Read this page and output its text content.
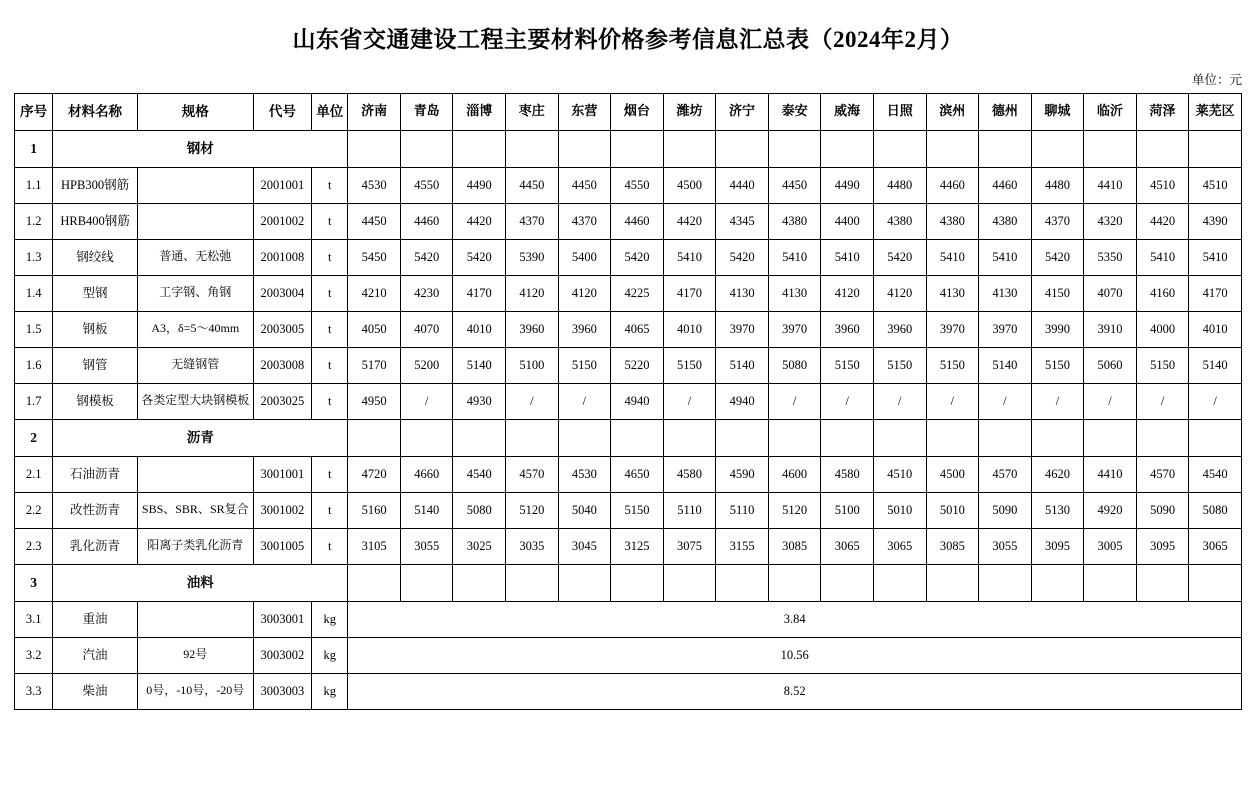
山东省交通建设工程主要材料价格参考信息汇总表（2024年2月）
单位：元
序号	材料名称	规格	代号	单位	济南	青岛	淄博	枣庄	东营	烟台	潍坊	济宁	泰安	威海	日照	滨州	德州	聊城	临沂	菏泽	莱芜区
1	钢材																				
1.1	HPB300钢筋		2001001	t	4530	4550	4490	4450	4450	4550	4500	4440	4450	4490	4480	4460	4460	4480	4410	4510	4510
1.2	HRB400钢筋		2001002	t	4450	4460	4420	4370	4370	4460	4420	4345	4380	4400	4380	4380	4380	4370	4320	4420	4390
1.3	钢绞线	普通、无松弛	2001008	t	5450	5420	5420	5390	5400	5420	5410	5420	5410	5410	5420	5410	5410	5420	5350	5410	5410
1.4	型钢	工字钢、角钢	2003004	t	4210	4230	4170	4120	4120	4225	4170	4130	4130	4120	4120	4130	4130	4150	4070	4160	4170
1.5	钢板	A3，δ=5～40mm	2003005	t	4050	4070	4010	3960	3960	4065	4010	3970	3970	3960	3960	3970	3970	3990	3910	4000	4010
1.6	钢管	无缝钢管	2003008	t	5170	5200	5140	5100	5150	5220	5150	5140	5080	5150	5150	5150	5140	5150	5060	5150	5140
1.7	钢模板	各类定型大块钢模板	2003025	t	4950	/	4930	/	/	4940	/	4940	/	/	/	/	/	/	/	/	/
2	沥青																				
2.1	石油沥青		3001001	t	4720	4660	4540	4570	4530	4650	4580	4590	4600	4580	4510	4500	4570	4620	4410	4570	4540
2.2	改性沥青	SBS、SBR、SR复合	3001002	t	5160	5140	5080	5120	5040	5150	5110	5110	5120	5100	5010	5010	5090	5130	4920	5090	5080
2.3	乳化沥青	阳离子类乳化沥青	3001005	t	3105	3055	3025	3035	3045	3125	3075	3155	3085	3065	3065	3085	3055	3095	3005	3095	3065
3	油料																				
3.1	重油		3003001	kg	3.84																
3.2	汽油	92号	3003002	kg	10.56																
3.3	柴油	0号，-10号，-20号	3003003	kg	8.52																
